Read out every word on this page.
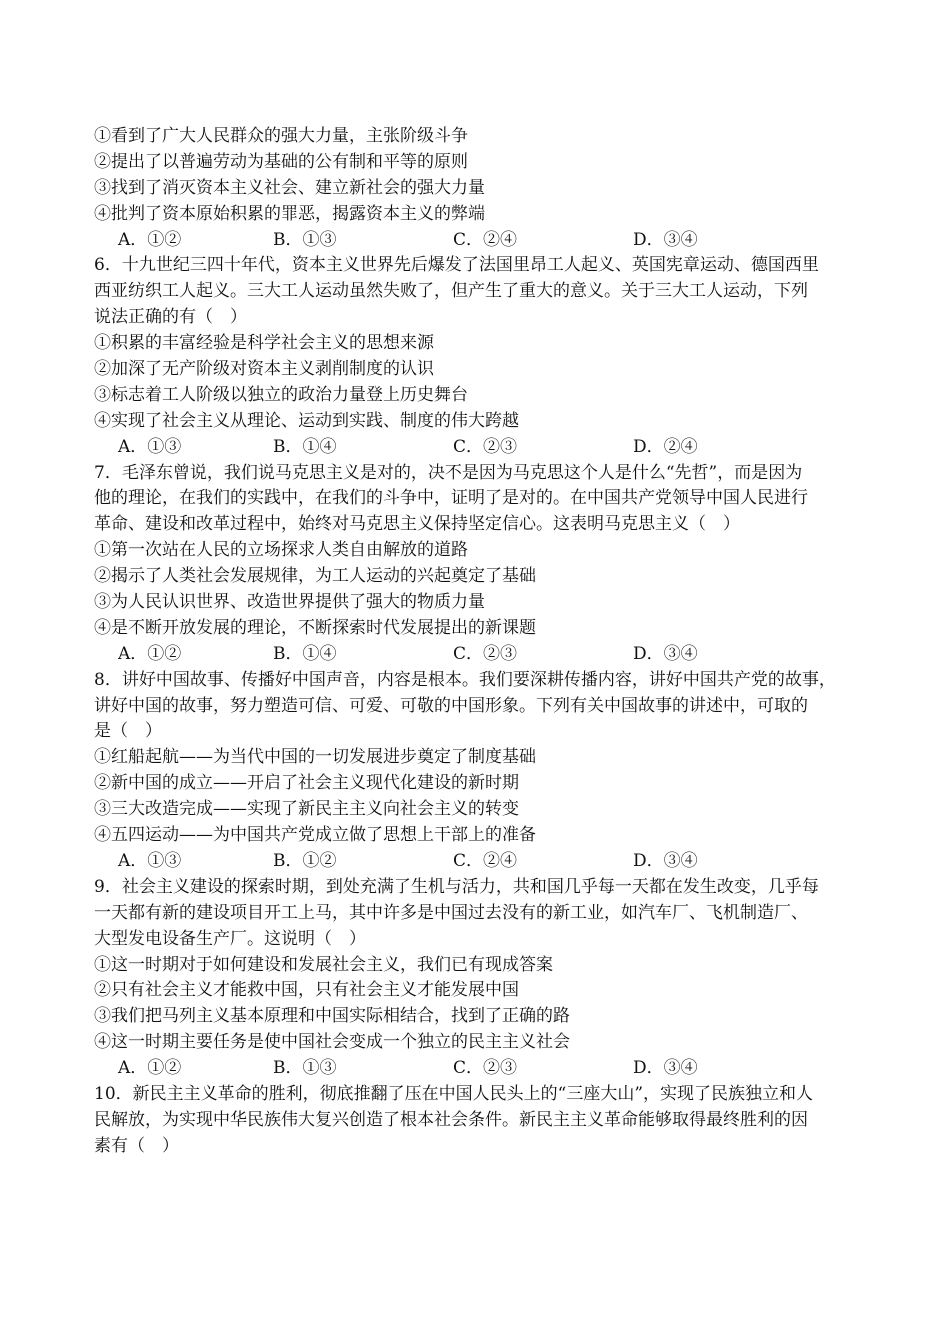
①看到了广大人民群众的强大力量，主张阶级斗争
②提出了以普遍劳动为基础的公有制和平等的原则
③找到了消灭资本主义社会、建立新社会的强大力量
④批判了资本原始积累的罪恶，揭露资本主义的弊端
A．①②	B．①③	C．②④	D．③④
6．十九世纪三四十年代，资本主义世界先后爆发了法国里昂工人起义、英国宪章运动、德国西里
西亚纺织工人起义。三大工人运动虽然失败了，但产生了重大的意义。关于三大工人运动，下列
说法正确的有（　）
①积累的丰富经验是科学社会主义的思想来源
②加深了无产阶级对资本主义剥削制度的认识
③标志着工人阶级以独立的政治力量登上历史舞台
④实现了社会主义从理论、运动到实践、制度的伟大跨越
A．①③	B．①④	C．②③	D．②④
7．毛泽东曾说，我们说马克思主义是对的，决不是因为马克思这个人是什么“先哲”，而是因为
他的理论，在我们的实践中，在我们的斗争中，证明了是对的。在中国共产党领导中国人民进行
革命、建设和改革过程中，始终对马克思主义保持坚定信心。这表明马克思主义（　）
①第一次站在人民的立场探求人类自由解放的道路
②揭示了人类社会发展规律，为工人运动的兴起奠定了基础
③为人民认识世界、改造世界提供了强大的物质力量
④是不断开放发展的理论，不断探索时代发展提出的新课题
A．①②	B．①④	C．②③	D．③④
8．讲好中国故事、传播好中国声音，内容是根本。我们要深耕传播内容，讲好中国共产党的故事，
讲好中国的故事，努力塑造可信、可爱、可敬的中国形象。下列有关中国故事的讲述中，可取的
是（　）
①红船起航——为当代中国的一切发展进步奠定了制度基础
②新中国的成立——开启了社会主义现代化建设的新时期
③三大改造完成——实现了新民主主义向社会主义的转变
④五四运动——为中国共产党成立做了思想上干部上的准备
A．①③	B．①②	C．②④	D．③④
9．社会主义建设的探索时期，到处充满了生机与活力，共和国几乎每一天都在发生改变，几乎每
一天都有新的建设项目开工上马，其中许多是中国过去没有的新工业，如汽车厂、飞机制造厂、
大型发电设备生产厂。这说明（　）
①这一时期对于如何建设和发展社会主义，我们已有现成答案
②只有社会主义才能救中国，只有社会主义才能发展中国
③我们把马列主义基本原理和中国实际相结合，找到了正确的路
④这一时期主要任务是使中国社会变成一个独立的民主主义社会
A．①②	B．①③	C．②③	D．③④
10．新民主主义革命的胜利，彻底推翻了压在中国人民头上的“三座大山”，实现了民族独立和人
民解放，为实现中华民族伟大复兴创造了根本社会条件。新民主主义革命能够取得最终胜利的因
素有（　）
